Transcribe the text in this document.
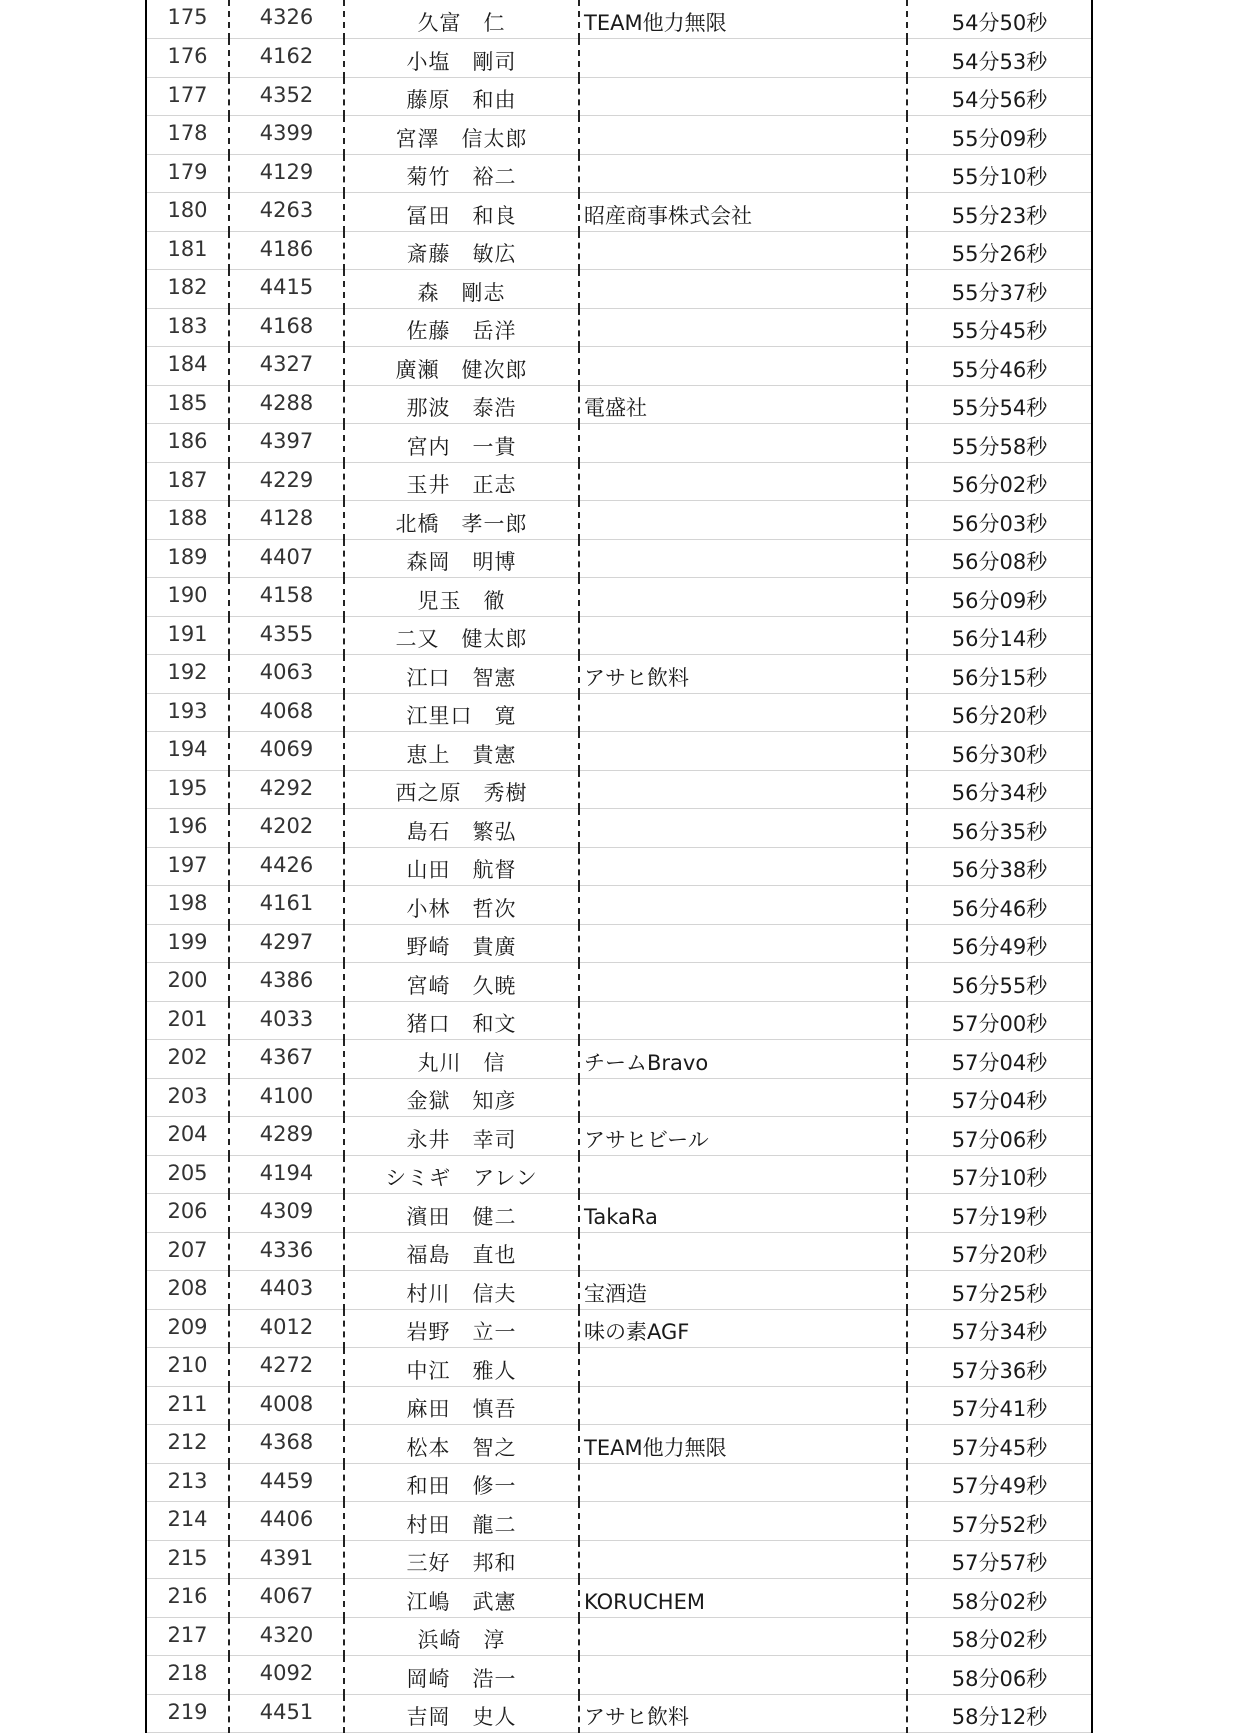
175	4326	久富　仁	TEAM他力無限	54分50秒
176	4162	小塩　剛司		54分53秒
177	4352	藤原　和由		54分56秒
178	4399	宮澤　信太郎		55分09秒
179	4129	菊竹　裕二		55分10秒
180	4263	冨田　和良	昭産商事株式会社	55分23秒
181	4186	斎藤　敏広		55分26秒
182	4415	森　剛志		55分37秒
183	4168	佐藤　岳洋		55分45秒
184	4327	廣瀬　健次郎		55分46秒
185	4288	那波　泰浩	電盛社	55分54秒
186	4397	宮内　一貴		55分58秒
187	4229	玉井　正志		56分02秒
188	4128	北橋　孝一郎		56分03秒
189	4407	森岡　明博		56分08秒
190	4158	児玉　徹		56分09秒
191	4355	二又　健太郎		56分14秒
192	4063	江口　智憲	アサヒ飲料	56分15秒
193	4068	江里口　寛		56分20秒
194	4069	恵上　貴憲		56分30秒
195	4292	西之原　秀樹		56分34秒
196	4202	島石　繁弘		56分35秒
197	4426	山田　航督		56分38秒
198	4161	小林　哲次		56分46秒
199	4297	野崎　貴廣		56分49秒
200	4386	宮崎　久暁		56分55秒
201	4033	猪口　和文		57分00秒
202	4367	丸川　信	チームBravo	57分04秒
203	4100	金獄　知彦		57分04秒
204	4289	永井　幸司	アサヒビール	57分06秒
205	4194	シミギ　アレン		57分10秒
206	4309	濱田　健二	TakaRa	57分19秒
207	4336	福島　直也		57分20秒
208	4403	村川　信夫	宝酒造	57分25秒
209	4012	岩野　立一	味の素AGF	57分34秒
210	4272	中江　雅人		57分36秒
211	4008	麻田　慎吾		57分41秒
212	4368	松本　智之	TEAM他力無限	57分45秒
213	4459	和田　修一		57分49秒
214	4406	村田　龍二		57分52秒
215	4391	三好　邦和		57分57秒
216	4067	江嶋　武憲	KORUCHEM	58分02秒
217	4320	浜崎　淳		58分02秒
218	4092	岡崎　浩一		58分06秒
219	4451	吉岡　史人	アサヒ飲料	58分12秒
